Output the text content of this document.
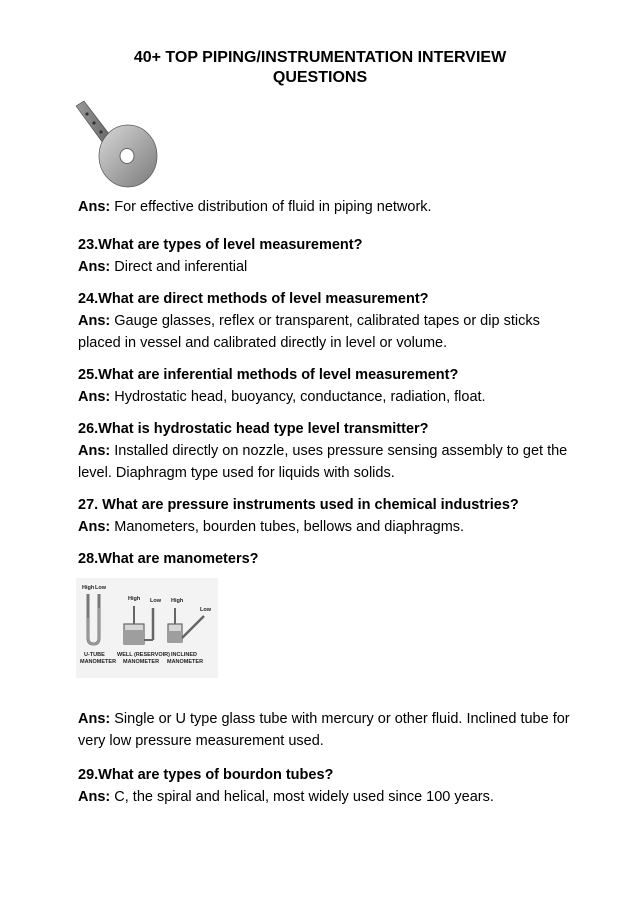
40+ TOP PIPING/INSTRUMENTATION INTERVIEW
QUESTIONS
Ans: For effective distribution of fluid in piping network.
23.What are types of level measurement?
Ans: Direct and inferential
24.What are direct methods of level measurement?
Ans: Gauge glasses, reflex or transparent, calibrated tapes or dip sticks placed in vessel and calibrated directly in level or volume.
25.What are inferential methods of level measurement?
Ans: Hydrostatic head, buoyancy, conductance, radiation, float.
26.What is hydrostatic head type level transmitter?
Ans: Installed directly on nozzle, uses pressure sensing assembly to get the level. Diaphragm type used for liquids with solids.
27. What are pressure instruments used in chemical industries?
Ans: Manometers, bourden tubes, bellows and diaphragms.
28.What are manometers?
High Low
U-TUBE
MANOMETER
High Low
WELL (RESERVOIR)
MANOMETER
High
Low
INCLINED
MANOMETER
Ans: Single or U type glass tube with mercury or other fluid. Inclined tube for very low pressure measurement used.
29.What are types of bourdon tubes?
Ans: C, the spiral and helical, most widely used since 100 years.
